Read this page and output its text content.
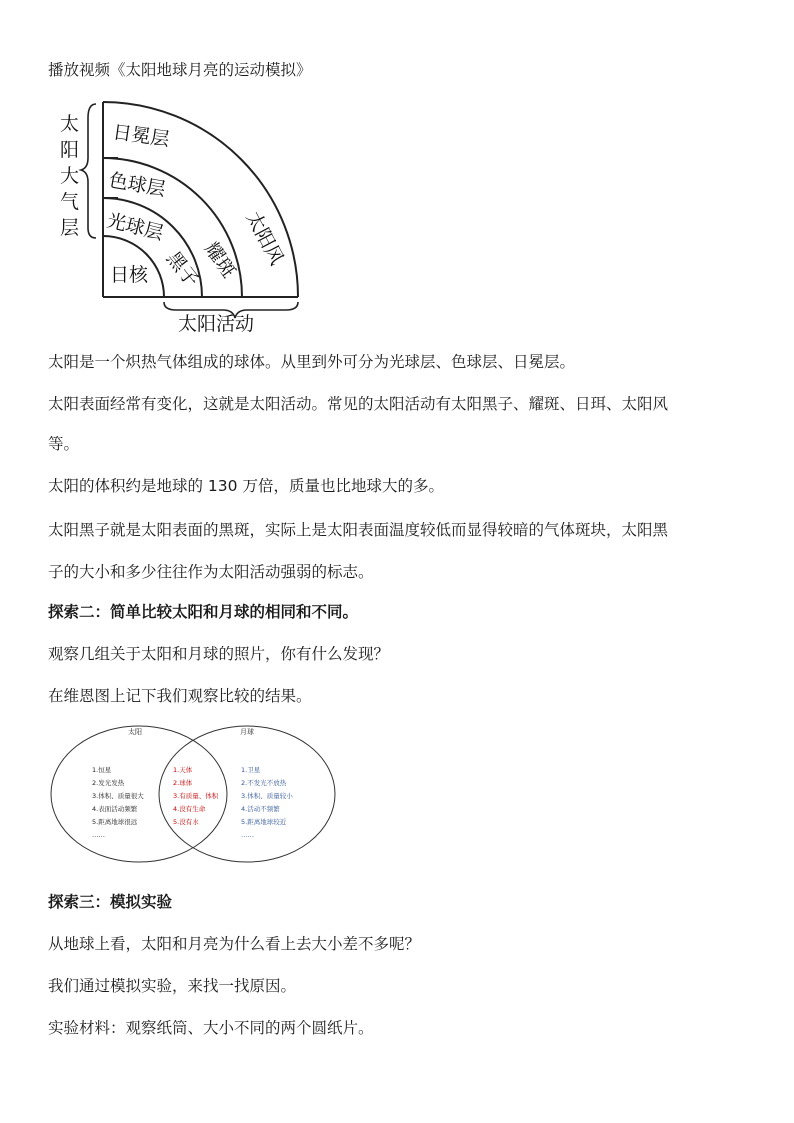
播放视频《太阳地球月亮的运动模拟》
太
阳
大
气
层
日冕层
色球层
光球层
日核 黑子
耀斑 太阳风
太阳活动
太阳是一个炽热气体组成的球体。从里到外可分为光球层、色球层、日冕层。
太阳表面经常有变化，这就是太阳活动。常见的太阳活动有太阳黑子、耀斑、日珥、太阳风
等。
太阳的体积约是地球的 130 万倍，质量也比地球大的多。
太阳黑子就是太阳表面的黑斑，实际上是太阳表面温度较低而显得较暗的气体斑块，太阳黑
子的大小和多少往往作为太阳活动强弱的标志。
探索二：简单比较太阳和月球的相同和不同。
观察几组关于太阳和月球的照片，你有什么发现？
在维恩图上记下我们观察比较的结果。
太阳	月球
1.恒星
2.发光发热
3.体积、质量很大
4.表面活动频繁
5.距离地球很远
……
1.天体
2.球体
3.有质量、体积
4.没有生命
5.没有水
1.卫星
2.不发光不放热
3.体积、质量较小
4.活动不频繁
5.距离地球较近
……
探索三：模拟实验
从地球上看，太阳和月亮为什么看上去大小差不多呢？
我们通过模拟实验，来找一找原因。
实验材料：观察纸筒、大小不同的两个圆纸片。
